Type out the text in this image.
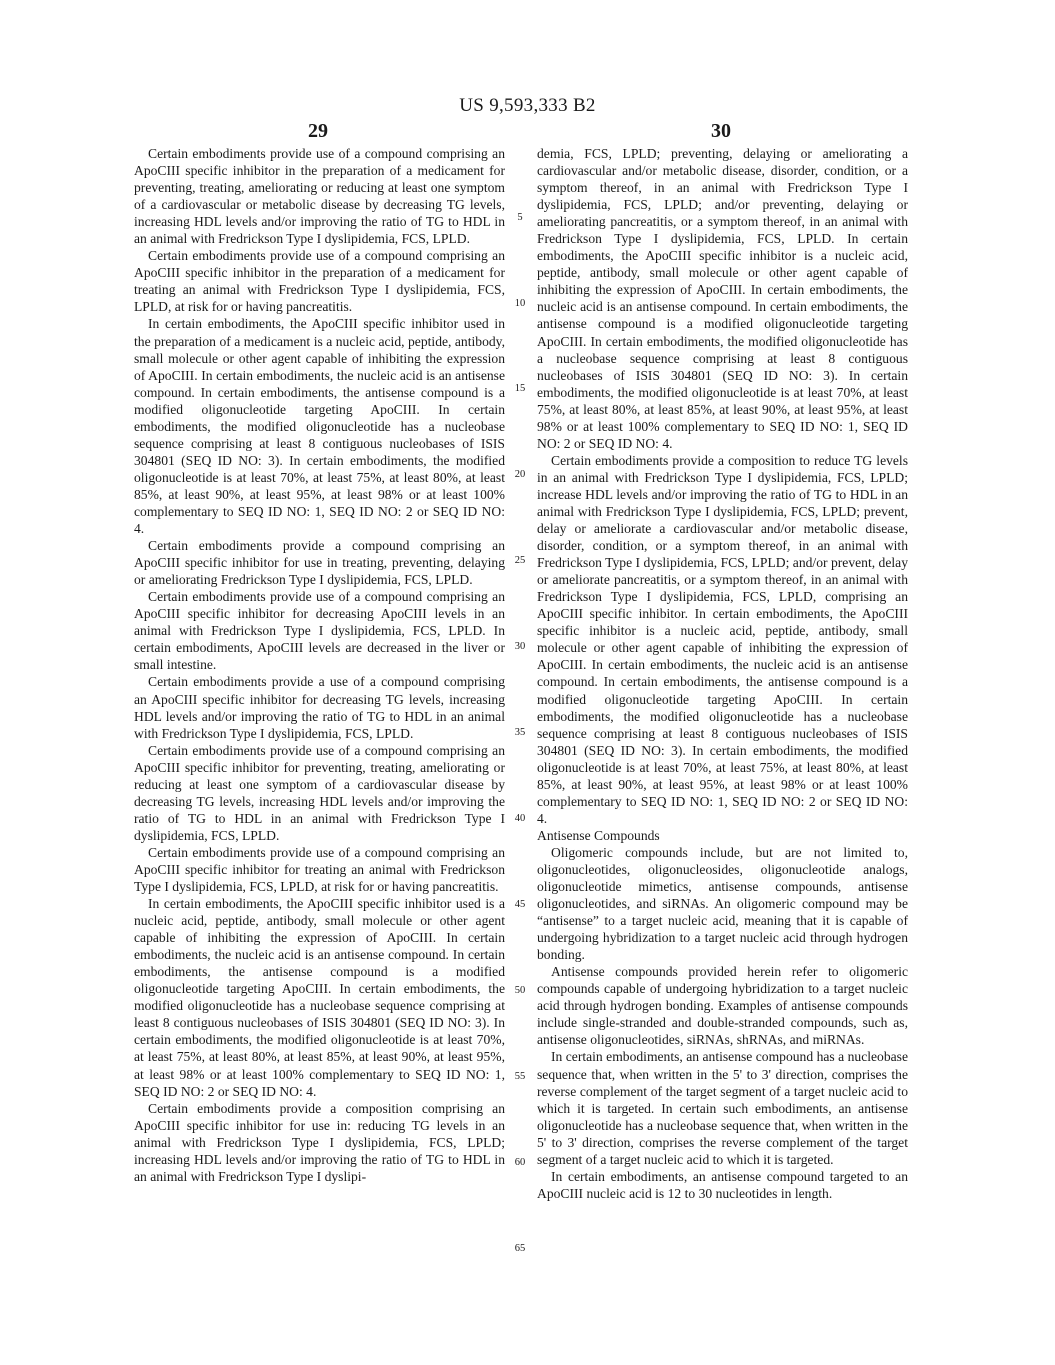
US 9,593,333 B2
29	30

Certain embodiments provide use of a compound comprising an ApoCIII specific inhibitor in the preparation of a medicament for preventing, treating, ameliorating or reducing at least one symptom of a cardiovascular or metabolic disease by decreasing TG levels, increasing HDL levels and/or improving the ratio of TG to HDL in an animal with Fredrickson Type I dyslipidemia, FCS, LPLD.

Certain embodiments provide use of a compound comprising an ApoCIII specific inhibitor in the preparation of a medicament for treating an animal with Fredrickson Type I dyslipidemia, FCS, LPLD, at risk for or having pancreatitis.

In certain embodiments, the ApoCIII specific inhibitor used in the preparation of a medicament is a nucleic acid, peptide, antibody, small molecule or other agent capable of inhibiting the expression of ApoCIII. In certain embodiments, the nucleic acid is an antisense compound. In certain embodiments, the antisense compound is a modified oligonucleotide targeting ApoCIII. In certain embodiments, the modified oligonucleotide has a nucleobase sequence comprising at least 8 contiguous nucleobases of ISIS 304801 (SEQ ID NO: 3). In certain embodiments, the modified oligonucleotide is at least 70%, at least 75%, at least 80%, at least 85%, at least 90%, at least 95%, at least 98% or at least 100% complementary to SEQ ID NO: 1, SEQ ID NO: 2 or SEQ ID NO: 4.

Certain embodiments provide a compound comprising an ApoCIII specific inhibitor for use in treating, preventing, delaying or ameliorating Fredrickson Type I dyslipidemia, FCS, LPLD.

Certain embodiments provide use of a compound comprising an ApoCIII specific inhibitor for decreasing ApoCIII levels in an animal with Fredrickson Type I dyslipidemia, FCS, LPLD. In certain embodiments, ApoCIII levels are decreased in the liver or small intestine.

Certain embodiments provide a use of a compound comprising an ApoCIII specific inhibitor for decreasing TG levels, increasing HDL levels and/or improving the ratio of TG to HDL in an animal with Fredrickson Type I dyslipidemia, FCS, LPLD.

Certain embodiments provide use of a compound comprising an ApoCIII specific inhibitor for preventing, treating, ameliorating or reducing at least one symptom of a cardiovascular disease by decreasing TG levels, increasing HDL levels and/or improving the ratio of TG to HDL in an animal with Fredrickson Type I dyslipidemia, FCS, LPLD.

Certain embodiments provide use of a compound comprising an ApoCIII specific inhibitor for treating an animal with Fredrickson Type I dyslipidemia, FCS, LPLD, at risk for or having pancreatitis.

In certain embodiments, the ApoCIII specific inhibitor used is a nucleic acid, peptide, antibody, small molecule or other agent capable of inhibiting the expression of ApoCIII. In certain embodiments, the nucleic acid is an antisense compound. In certain embodiments, the antisense compound is a modified oligonucleotide targeting ApoCIII. In certain embodiments, the modified oligonucleotide has a nucleobase sequence comprising at least 8 contiguous nucleobases of ISIS 304801 (SEQ ID NO: 3). In certain embodiments, the modified oligonucleotide is at least 70%, at least 75%, at least 80%, at least 85%, at least 90%, at least 95%, at least 98% or at least 100% complementary to SEQ ID NO: 1, SEQ ID NO: 2 or SEQ ID NO: 4.

Certain embodiments provide a composition comprising an ApoCIII specific inhibitor for use in: reducing TG levels in an animal with Fredrickson Type I dyslipidemia, FCS, LPLD; increasing HDL levels and/or improving the ratio of TG to HDL in an animal with Fredrickson Type I dyslipi-

demia, FCS, LPLD; preventing, delaying or ameliorating a cardiovascular and/or metabolic disease, disorder, condition, or a symptom thereof, in an animal with Fredrickson Type I dyslipidemia, FCS, LPLD; and/or preventing, delaying or ameliorating pancreatitis, or a symptom thereof, in an animal with Fredrickson Type I dyslipidemia, FCS, LPLD. In certain embodiments, the ApoCIII specific inhibitor is a nucleic acid, peptide, antibody, small molecule or other agent capable of inhibiting the expression of ApoCIII. In certain embodiments, the nucleic acid is an antisense compound. In certain embodiments, the antisense compound is a modified oligonucleotide targeting ApoCIII. In certain embodiments, the modified oligonucleotide has a nucleobase sequence comprising at least 8 contiguous nucleobases of ISIS 304801 (SEQ ID NO: 3). In certain embodiments, the modified oligonucleotide is at least 70%, at least 75%, at least 80%, at least 85%, at least 90%, at least 95%, at least 98% or at least 100% complementary to SEQ ID NO: 1, SEQ ID NO: 2 or SEQ ID NO: 4.

Certain embodiments provide a composition to reduce TG levels in an animal with Fredrickson Type I dyslipidemia, FCS, LPLD; increase HDL levels and/or improving the ratio of TG to HDL in an animal with Fredrickson Type I dyslipidemia, FCS, LPLD; prevent, delay or ameliorate a cardiovascular and/or metabolic disease, disorder, condition, or a symptom thereof, in an animal with Fredrickson Type I dyslipidemia, FCS, LPLD; and/or prevent, delay or ameliorate pancreatitis, or a symptom thereof, in an animal with Fredrickson Type I dyslipidemia, FCS, LPLD, comprising an ApoCIII specific inhibitor. In certain embodiments, the ApoCIII specific inhibitor is a nucleic acid, peptide, antibody, small molecule or other agent capable of inhibiting the expression of ApoCIII. In certain embodiments, the nucleic acid is an antisense compound. In certain embodiments, the antisense compound is a modified oligonucleotide targeting ApoCIII. In certain embodiments, the modified oligonucleotide has a nucleobase sequence comprising at least 8 contiguous nucleobases of ISIS 304801 (SEQ ID NO: 3). In certain embodiments, the modified oligonucleotide is at least 70%, at least 75%, at least 80%, at least 85%, at least 90%, at least 95%, at least 98% or at least 100% complementary to SEQ ID NO: 1, SEQ ID NO: 2 or SEQ ID NO: 4.

Antisense Compounds

Oligomeric compounds include, but are not limited to, oligonucleotides, oligonucleosides, oligonucleotide analogs, oligonucleotide mimetics, antisense compounds, antisense oligonucleotides, and siRNAs. An oligomeric compound may be “antisense” to a target nucleic acid, meaning that it is capable of undergoing hybridization to a target nucleic acid through hydrogen bonding.

Antisense compounds provided herein refer to oligomeric compounds capable of undergoing hybridization to a target nucleic acid through hydrogen bonding. Examples of antisense compounds include single-stranded and double-stranded compounds, such as, antisense oligonucleotides, siRNAs, shRNAs, and miRNAs.

In certain embodiments, an antisense compound has a nucleobase sequence that, when written in the 5' to 3' direction, comprises the reverse complement of the target segment of a target nucleic acid to which it is targeted. In certain such embodiments, an antisense oligonucleotide has a nucleobase sequence that, when written in the 5' to 3' direction, comprises the reverse complement of the target segment of a target nucleic acid to which it is targeted.

In certain embodiments, an antisense compound targeted to an ApoCIII nucleic acid is 12 to 30 nucleotides in length.

5
10
15
20
25
30
35
40
45
50
55
60
65
